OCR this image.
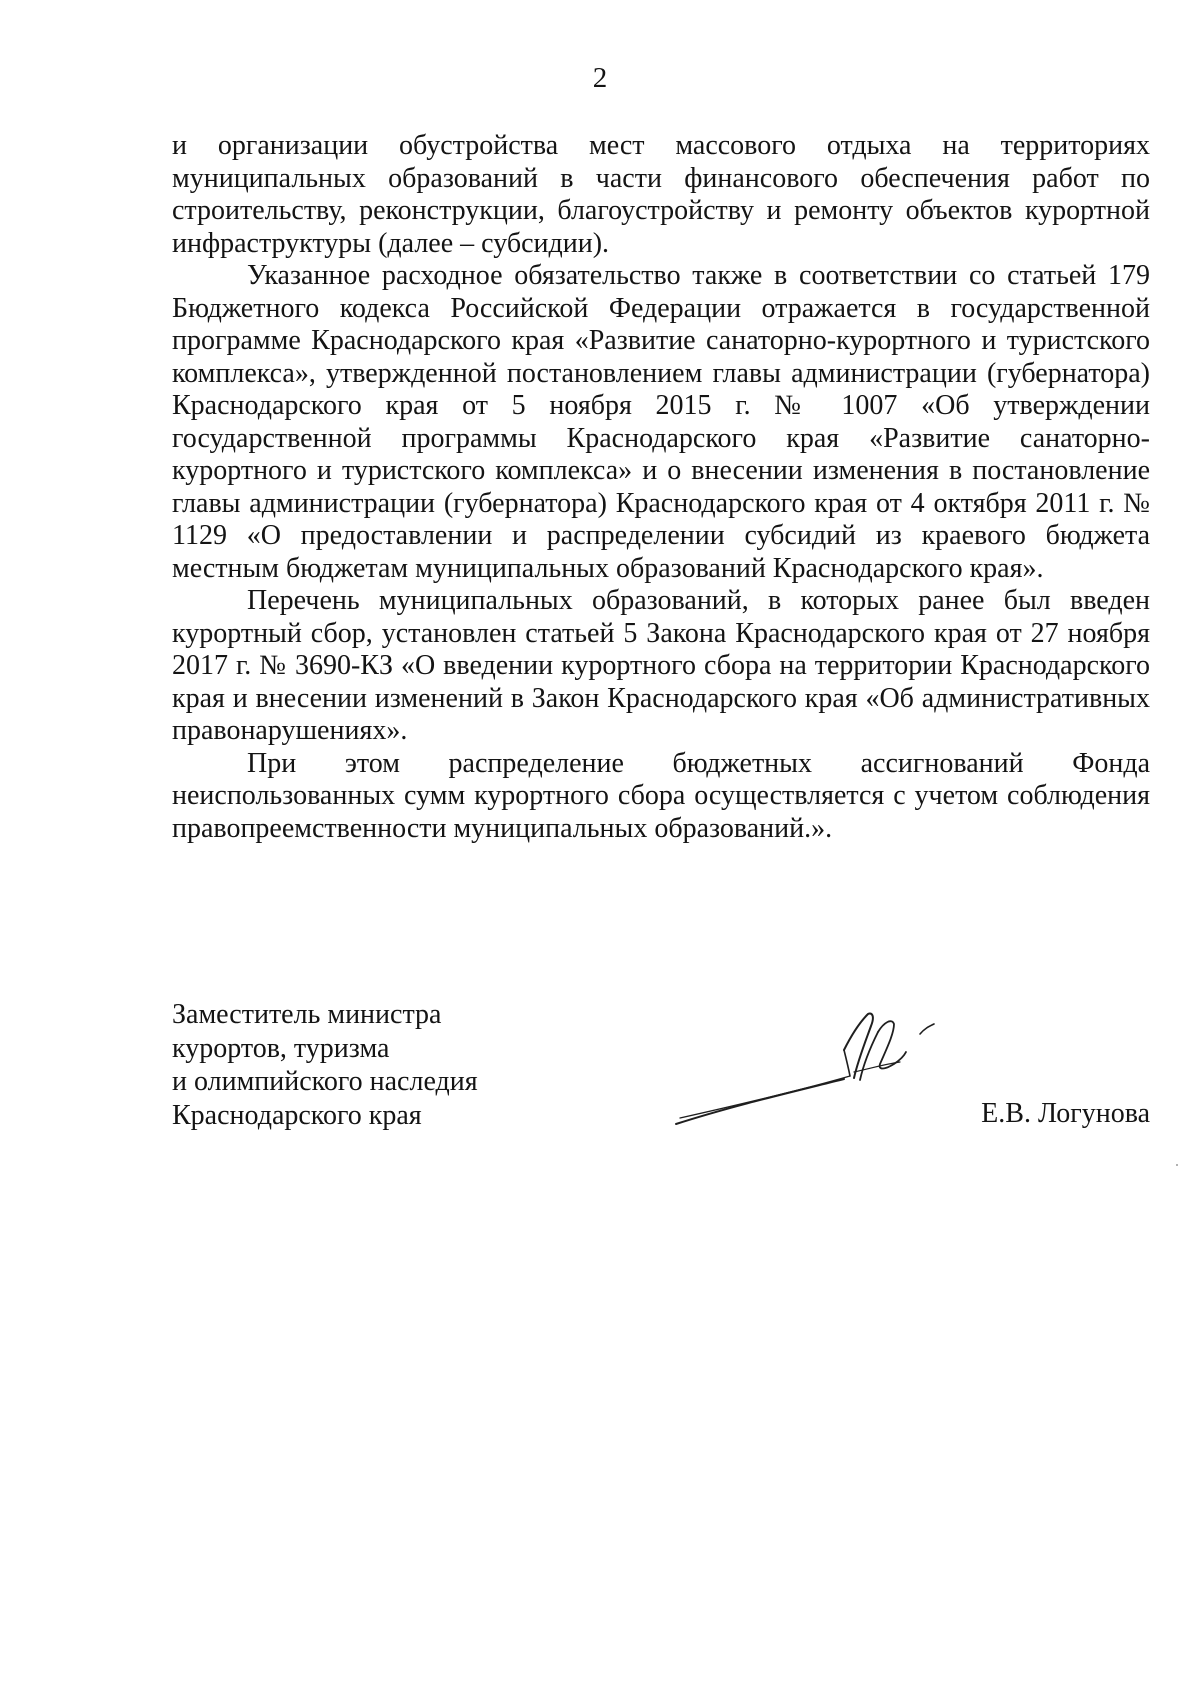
2

и организации обустройства мест массового отдыха на территориях муниципальных образований в части финансового обеспечения работ по строительству, реконструкции, благоустройству и ремонту объектов курортной инфраструктуры (далее – субсидии).

Указанное расходное обязательство также в соответствии со статьей 179 Бюджетного кодекса Российской Федерации отражается в государственной программе Краснодарского края «Развитие санаторно-курортного и туристского комплекса», утвержденной постановлением главы администрации (губернатора) Краснодарского края от 5 ноября 2015 г. № 1007 «Об утверждении государственной программы Краснодарского края «Развитие санаторно-курортного и туристского комплекса» и о внесении изменения в постановление главы администрации (губернатора) Краснодарского края от 4 октября 2011 г. № 1129 «О предоставлении и распределении субсидий из краевого бюджета местным бюджетам муниципальных образований Краснодарского края».

Перечень муниципальных образований, в которых ранее был введен курортный сбор, установлен статьей 5 Закона Краснодарского края от 27 ноября 2017 г. № 3690-КЗ «О введении курортного сбора на территории Краснодарского края и внесении изменений в Закон Краснодарского края «Об административных правонарушениях».

При этом распределение бюджетных ассигнований Фонда неиспользованных сумм курортного сбора осуществляется с учетом соблюдения правопреемственности муниципальных образований.».

Заместитель министра
курортов, туризма
и олимпийского наследия
Краснодарского края	Е.В. Логунова
